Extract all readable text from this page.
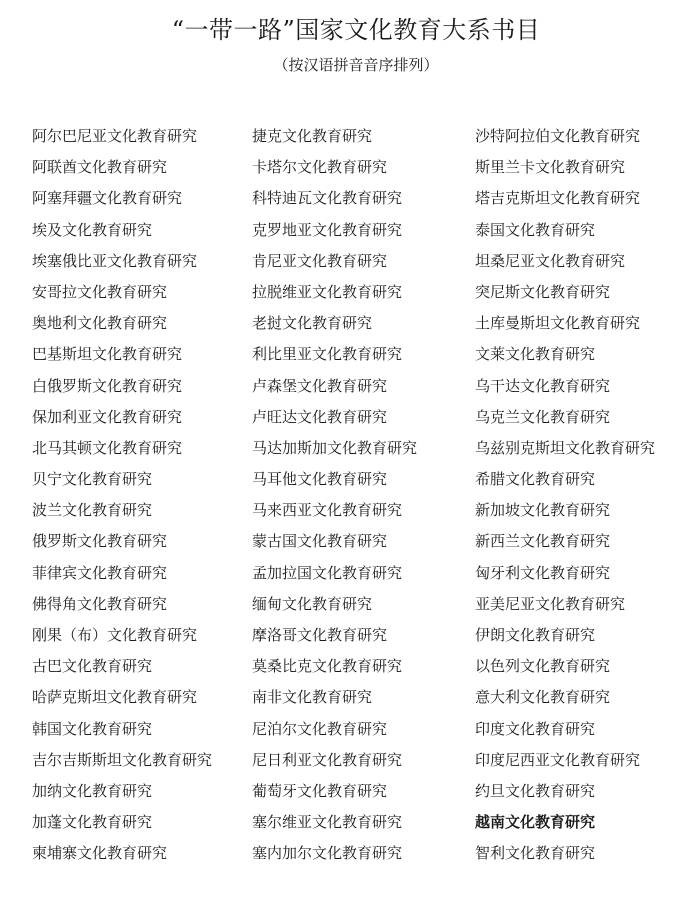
“一带一路”国家文化教育大系书目

（按汉语拼音音序排列）

阿尔巴尼亚文化教育研究
阿联酋文化教育研究
阿塞拜疆文化教育研究
埃及文化教育研究
埃塞俄比亚文化教育研究
安哥拉文化教育研究
奥地利文化教育研究
巴基斯坦文化教育研究
白俄罗斯文化教育研究
保加利亚文化教育研究
北马其顿文化教育研究
贝宁文化教育研究
波兰文化教育研究
俄罗斯文化教育研究
菲律宾文化教育研究
佛得角文化教育研究
刚果（布）文化教育研究
古巴文化教育研究
哈萨克斯坦文化教育研究
韩国文化教育研究
吉尔吉斯斯坦文化教育研究
加纳文化教育研究
加蓬文化教育研究
柬埔寨文化教育研究
捷克文化教育研究
卡塔尔文化教育研究
科特迪瓦文化教育研究
克罗地亚文化教育研究
肯尼亚文化教育研究
拉脱维亚文化教育研究
老挝文化教育研究
利比里亚文化教育研究
卢森堡文化教育研究
卢旺达文化教育研究
马达加斯加文化教育研究
马耳他文化教育研究
马来西亚文化教育研究
蒙古国文化教育研究
孟加拉国文化教育研究
缅甸文化教育研究
摩洛哥文化教育研究
莫桑比克文化教育研究
南非文化教育研究
尼泊尔文化教育研究
尼日利亚文化教育研究
葡萄牙文化教育研究
塞尔维亚文化教育研究
塞内加尔文化教育研究
沙特阿拉伯文化教育研究
斯里兰卡文化教育研究
塔吉克斯坦文化教育研究
泰国文化教育研究
坦桑尼亚文化教育研究
突尼斯文化教育研究
土库曼斯坦文化教育研究
文莱文化教育研究
乌干达文化教育研究
乌克兰文化教育研究
乌兹别克斯坦文化教育研究
希腊文化教育研究
新加坡文化教育研究
新西兰文化教育研究
匈牙利文化教育研究
亚美尼亚文化教育研究
伊朗文化教育研究
以色列文化教育研究
意大利文化教育研究
印度文化教育研究
印度尼西亚文化教育研究
约旦文化教育研究
越南文化教育研究
智利文化教育研究
